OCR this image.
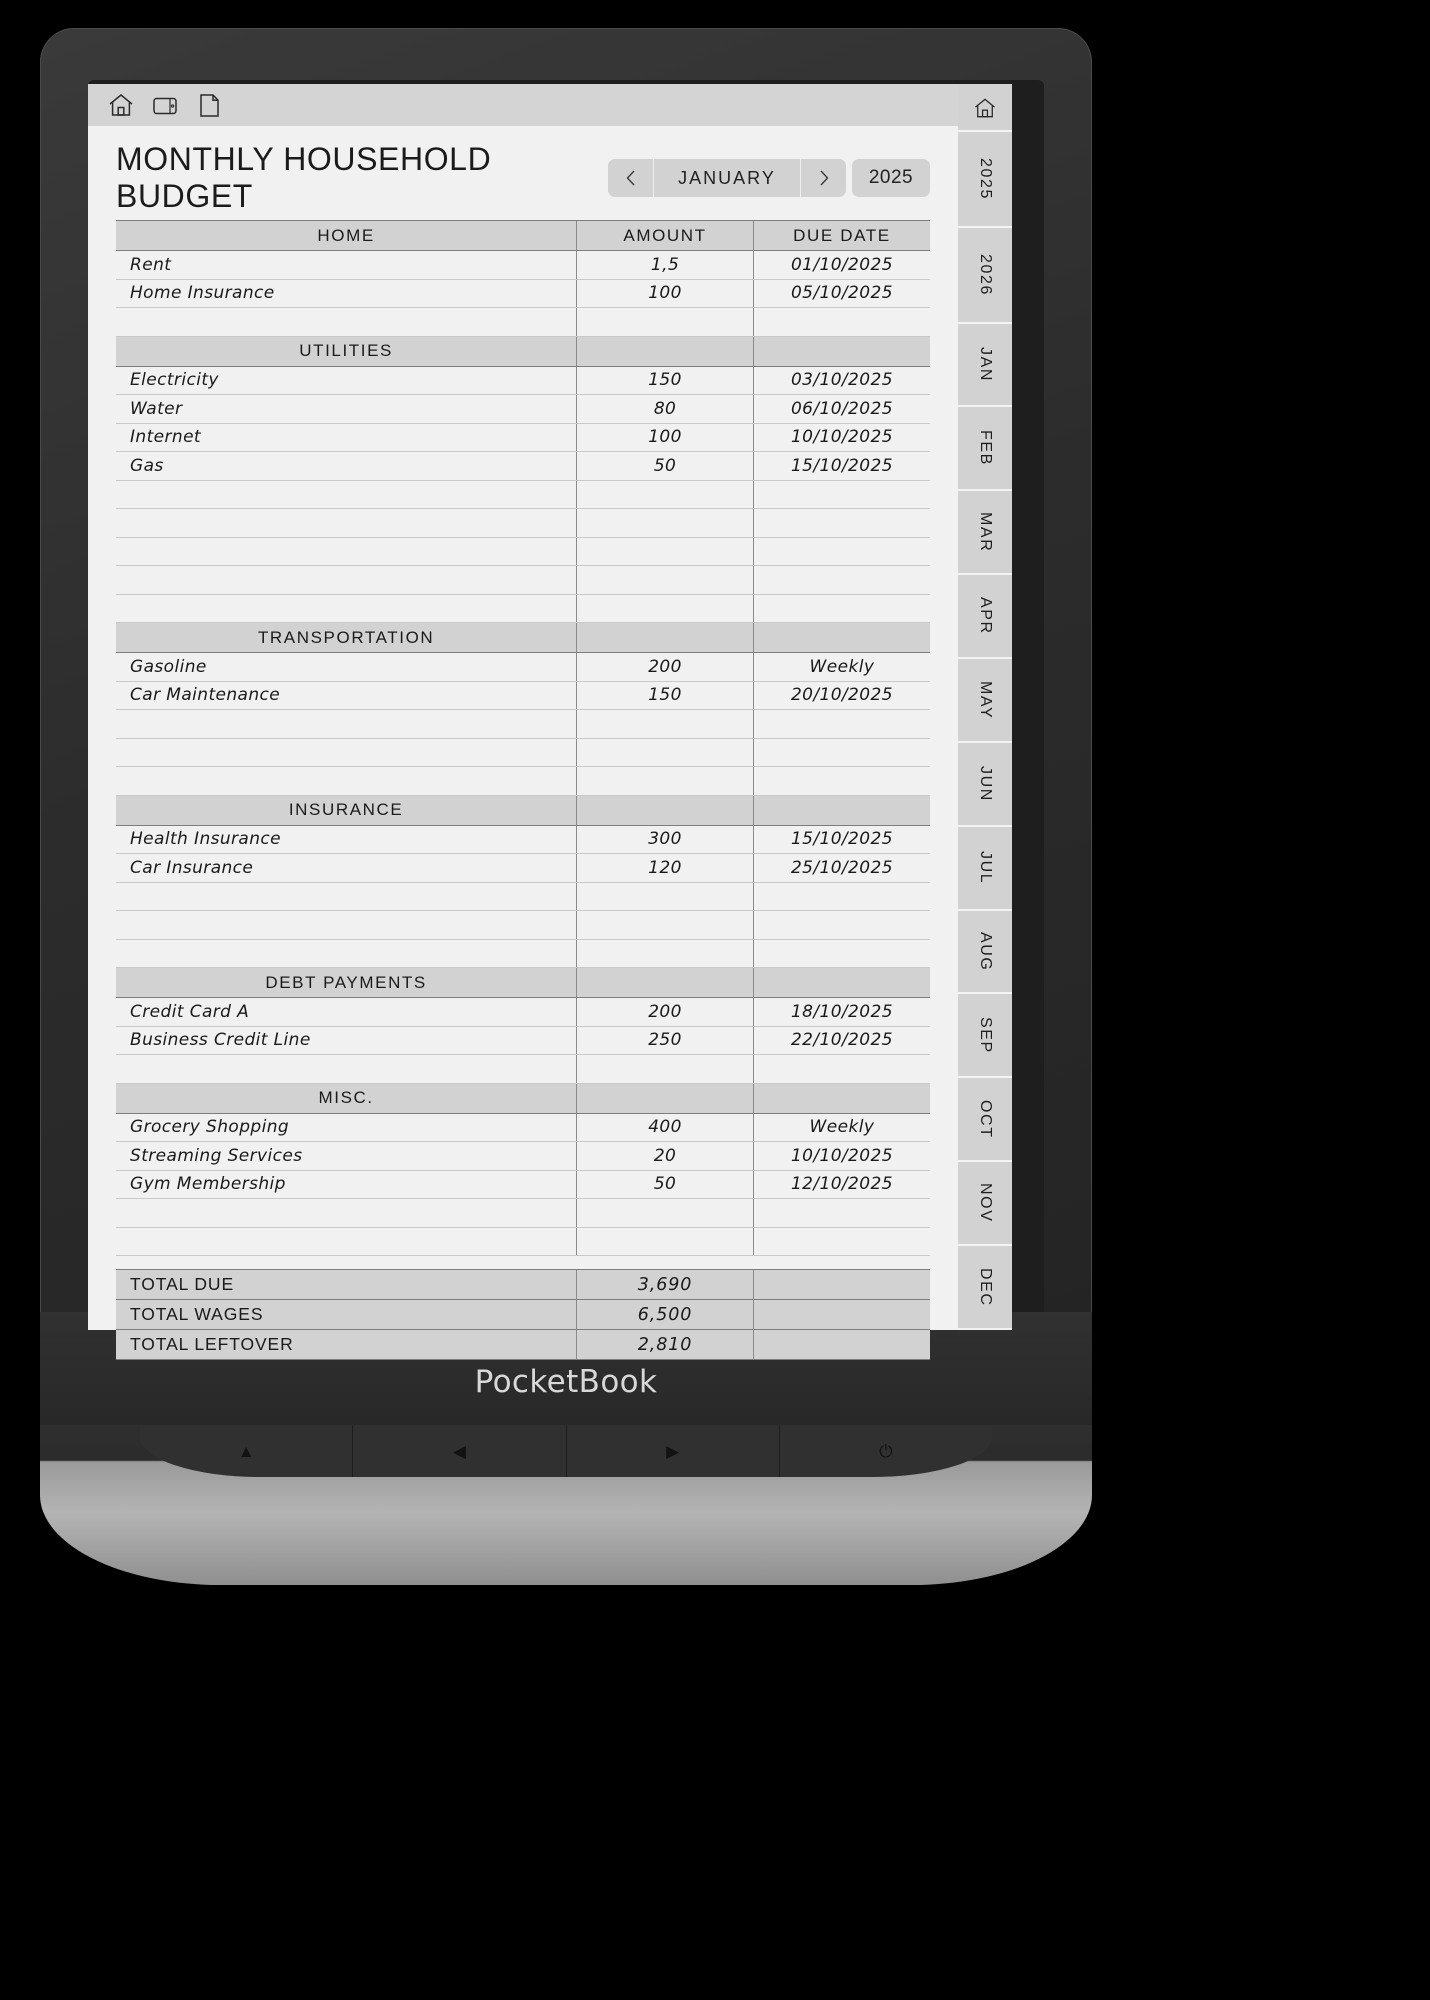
PocketBook
▲	◀	▶	⏻
MONTHLY HOUSEHOLD BUDGET
JANUARY	2025
HOME	AMOUNT	DUE DATE
Rent	1,5	01/10/2025
Home Insurance	100	05/10/2025

UTILITIES		
Electricity	150	03/10/2025
Water	80	06/10/2025
Internet	100	10/10/2025
Gas	50	15/10/2025

TRANSPORTATION		
Gasoline	200	Weekly
Car Maintenance	150	20/10/2025

INSURANCE		
Health Insurance	300	15/10/2025
Car Insurance	120	25/10/2025

DEBT PAYMENTS		
Credit Card A	200	18/10/2025
Business Credit Line	250	22/10/2025

MISC.		
Grocery Shopping	400	Weekly
Streaming Services	20	10/10/2025
Gym Membership	50	12/10/2025

TOTAL DUE	3,690	
TOTAL WAGES	6,500	
TOTAL LEFTOVER	2,810	
2025
2026
JAN
FEB
MAR
APR
MAY
JUN
JUL
AUG
SEP
OCT
NOV
DEC
